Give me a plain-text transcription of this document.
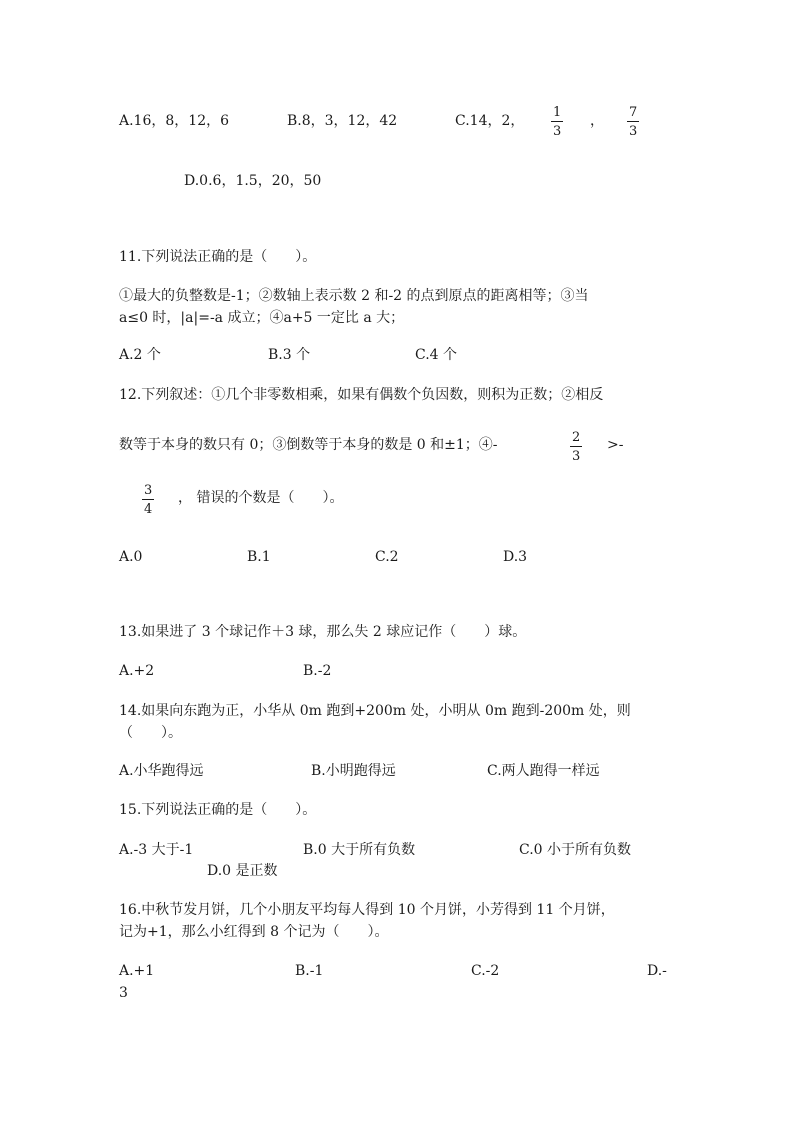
A.16，8，12，6	B.8，3，12，42	C.14，2，
1
3
，
7
3
D.0.6，1.5，20，50
11.下列说法正确的是（　　）。
①最大的负整数是-1；②数轴上表示数 2 和-2 的点到原点的距离相等；③当
a≤0 时，|a|=-a 成立；④a+5 一定比 a 大；
A.2 个	B.3 个	C.4 个
12.下列叙述：①几个非零数相乘，如果有偶数个负因数，则积为正数；②相反
数等于本身的数只有 0；③倒数等于本身的数是 0 和±1；④-	2
3
>-
3
4
， 错误的个数是（　　）。
A.0	B.1	C.2	D.3
13.如果进了 3 个球记作＋3 球，那么失 2 球应记作（　　）球。
A.+2	B.-2
14.如果向东跑为正，小华从 0m 跑到+200m 处，小明从 0m 跑到-200m 处，则
（　　）。
A.小华跑得远	B.小明跑得远	C.两人跑得一样远
15.下列说法正确的是（　　）。
A.-3 大于-1	B.0 大于所有负数	C.0 小于所有负数
D.0 是正数
16.中秋节发月饼，几个小朋友平均每人得到 10 个月饼，小芳得到 11 个月饼，
记为+1，那么小红得到 8 个记为（　　）。
A.+1	B.-1	C.-2	D.-
3
